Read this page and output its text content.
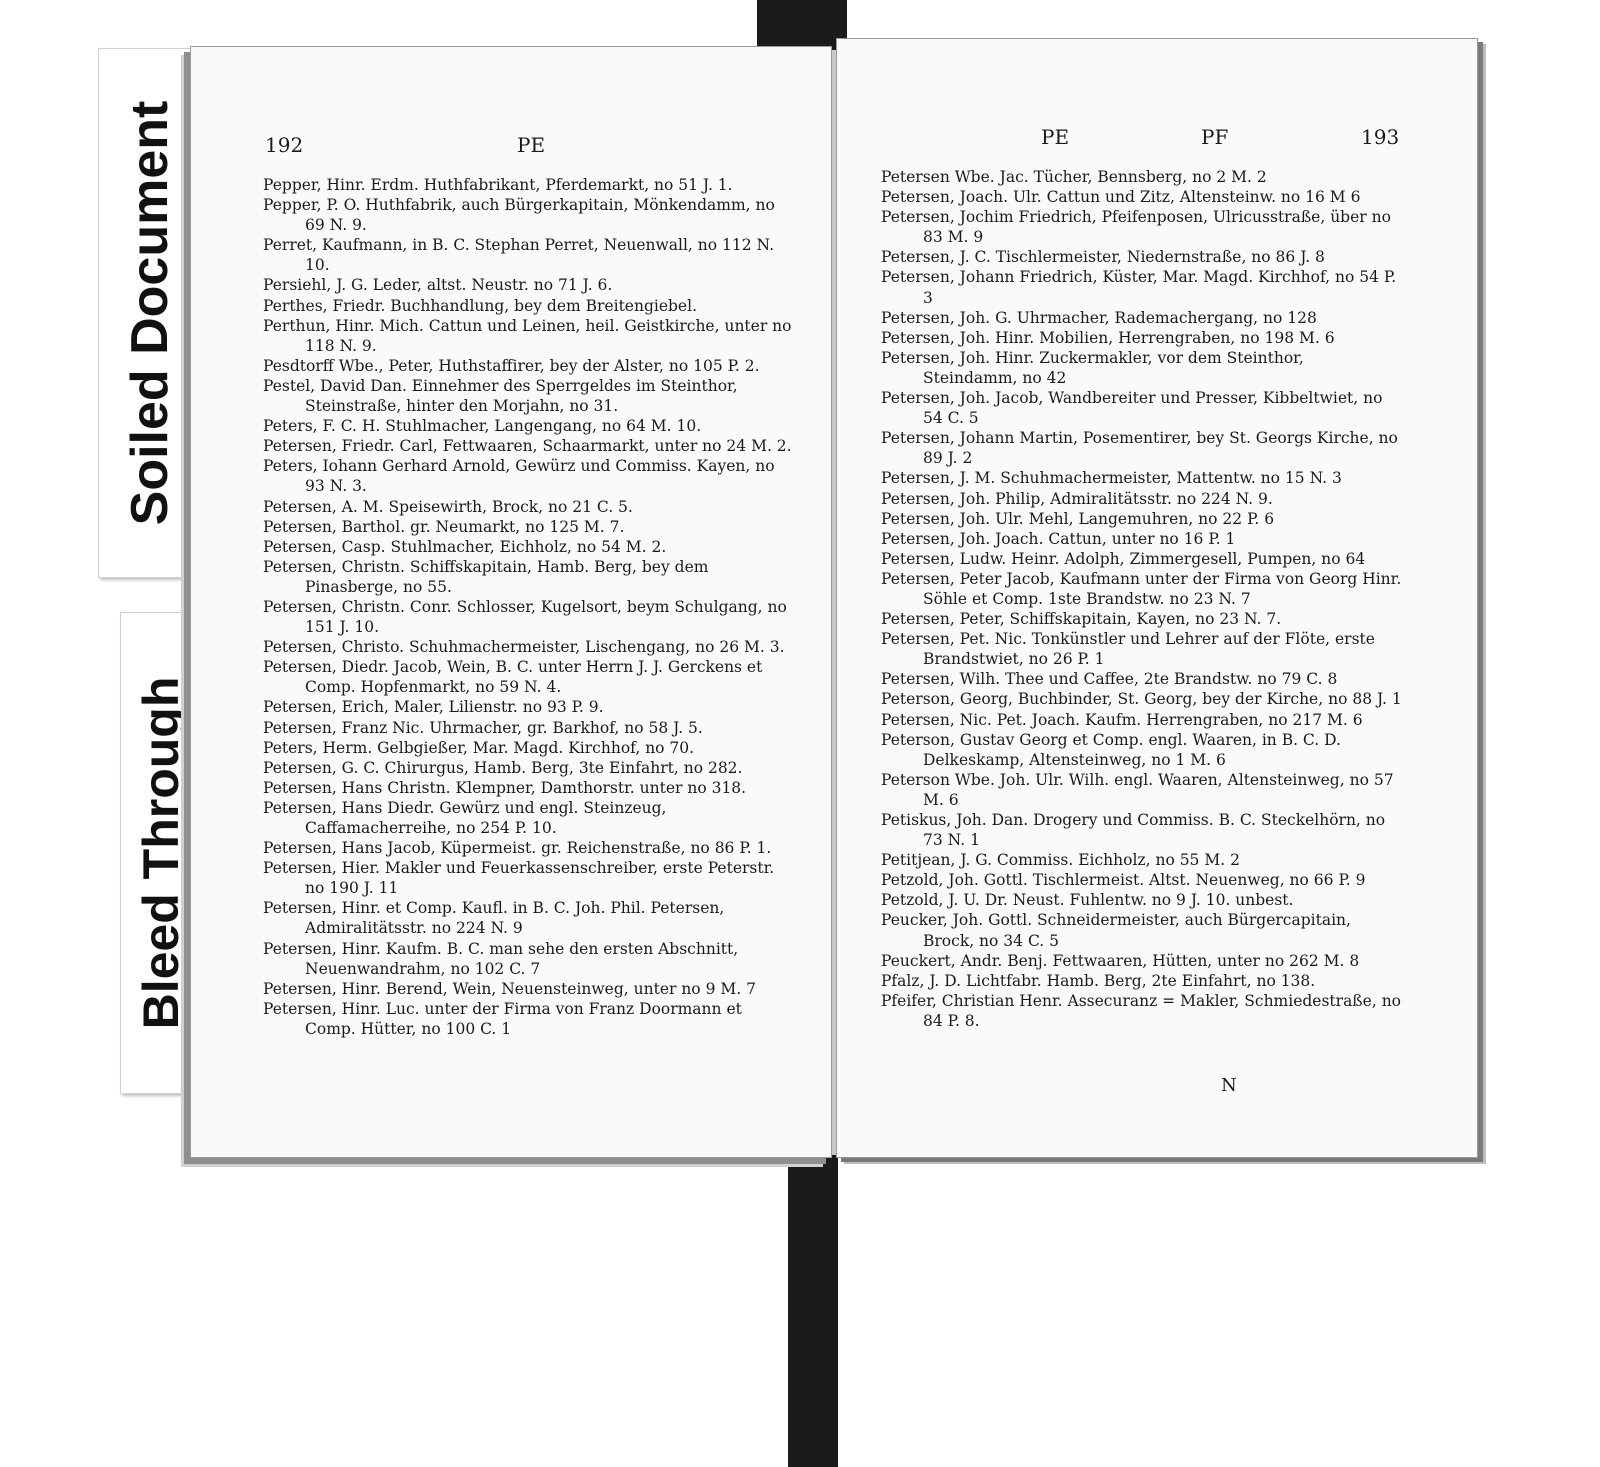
Soiled Document
Bleed Through
192	PE
Pepper, Hinr. Erdm. Huthfabrikant, Pferdemarkt, no 51 J. 1.
Pepper, P. O. Huthfabrik, auch Bürgerkapitain, Mönkendamm, no 69 N. 9.
Perret, Kaufmann, in B. C. Stephan Perret, Neuenwall, no 112 N. 10.
Persiehl, J. G. Leder, altst. Neustr. no 71 J. 6.
Perthes, Friedr. Buchhandlung, bey dem Breitengiebel.
Perthun, Hinr. Mich. Cattun und Leinen, heil. Geistkirche, unter no 118 N. 9.
Pesdtorff Wbe., Peter, Huthstaffirer, bey der Alster, no 105 P. 2.
Pestel, David Dan. Einnehmer des Sperrgeldes im Steinthor, Steinstraße, hinter den Morjahn, no 31.
Peters, F. C. H. Stuhlmacher, Langengang, no 64 M. 10.
Petersen, Friedr. Carl, Fettwaaren, Schaarmarkt, unter no 24 M. 2.
Peters, Iohann Gerhard Arnold, Gewürz und Commiss. Kayen, no 93 N. 3.
Petersen, A. M. Speisewirth, Brock, no 21 C. 5.
Petersen, Barthol. gr. Neumarkt, no 125 M. 7.
Petersen, Casp. Stuhlmacher, Eichholz, no 54 M. 2.
Petersen, Christn. Schiffskapitain, Hamb. Berg, bey dem Pinasberge, no 55.
Petersen, Christn. Conr. Schlosser, Kugelsort, beym Schulgang, no 151 J. 10.
Petersen, Christo. Schuhmachermeister, Lischengang, no 26 M. 3.
Petersen, Diedr. Jacob, Wein, B. C. unter Herrn J. J. Gerckens et Comp. Hopfenmarkt, no 59 N. 4.
Petersen, Erich, Maler, Lilienstr. no 93 P. 9.
Petersen, Franz Nic. Uhrmacher, gr. Barkhof, no 58 J. 5.
Peters, Herm. Gelbgießer, Mar. Magd. Kirchhof, no 70.
Petersen, G. C. Chirurgus, Hamb. Berg, 3te Einfahrt, no 282.
Petersen, Hans Christn. Klempner, Damthorstr. unter no 318.
Petersen, Hans Diedr. Gewürz und engl. Steinzeug, Caffamacherreihe, no 254 P. 10.
Petersen, Hans Jacob, Küpermeist. gr. Reichenstraße, no 86 P. 1.
Petersen, Hier. Makler und Feuerkassenschreiber, erste Peterstr. no 190 J. 11
Petersen, Hinr. et Comp. Kaufl. in B. C. Joh. Phil. Petersen, Admiralitätsstr. no 224 N. 9
Petersen, Hinr. Kaufm. B. C. man sehe den ersten Abschnitt, Neuenwandrahm, no 102 C. 7
Petersen, Hinr. Berend, Wein, Neuensteinweg, unter no 9 M. 7
Petersen, Hinr. Luc. unter der Firma von Franz Doormann et Comp. Hütter, no 100 C. 1
PE	PF	193
Petersen Wbe. Jac. Tücher, Bennsberg, no 2 M. 2
Petersen, Joach. Ulr. Cattun und Zitz, Altensteinw. no 16 M 6
Petersen, Jochim Friedrich, Pfeifenposen, Ulricusstraße, über no 83 M. 9
Petersen, J. C. Tischlermeister, Niedernstraße, no 86 J. 8
Petersen, Johann Friedrich, Küster, Mar. Magd. Kirchhof, no 54 P. 3
Petersen, Joh. G. Uhrmacher, Rademachergang, no 128
Petersen, Joh. Hinr. Mobilien, Herrengraben, no 198 M. 6
Petersen, Joh. Hinr. Zuckermakler, vor dem Steinthor, Steindamm, no 42
Petersen, Joh. Jacob, Wandbereiter und Presser, Kibbeltwiet, no 54 C. 5
Petersen, Johann Martin, Posementirer, bey St. Georgs Kirche, no 89 J. 2
Petersen, J. M. Schuhmachermeister, Mattentw. no 15 N. 3
Petersen, Joh. Philip, Admiralitätsstr. no 224 N. 9.
Petersen, Joh. Ulr. Mehl, Langemuhren, no 22 P. 6
Petersen, Joh. Joach. Cattun, unter no 16 P. 1
Petersen, Ludw. Heinr. Adolph, Zimmergesell, Pumpen, no 64
Petersen, Peter Jacob, Kaufmann unter der Firma von Georg Hinr. Söhle et Comp. 1ste Brandstw. no 23 N. 7
Petersen, Peter, Schiffskapitain, Kayen, no 23 N. 7.
Petersen, Pet. Nic. Tonkünstler und Lehrer auf der Flöte, erste Brandstwiet, no 26 P. 1
Petersen, Wilh. Thee und Caffee, 2te Brandstw. no 79 C. 8
Peterson, Georg, Buchbinder, St. Georg, bey der Kirche, no 88 J. 1
Petersen, Nic. Pet. Joach. Kaufm. Herrengraben, no 217 M. 6
Peterson, Gustav Georg et Comp. engl. Waaren, in B. C. D. Delkeskamp, Altensteinweg, no 1 M. 6
Peterson Wbe. Joh. Ulr. Wilh. engl. Waaren, Altensteinweg, no 57 M. 6
Petiskus, Joh. Dan. Drogery und Commiss. B. C. Steckelhörn, no 73 N. 1
Petitjean, J. G. Commiss. Eichholz, no 55 M. 2
Petzold, Joh. Gottl. Tischlermeist. Altst. Neuenweg, no 66 P. 9
Petzold, J. U. Dr. Neust. Fuhlentw. no 9 J. 10. unbest.
Peucker, Joh. Gottl. Schneidermeister, auch Bürgercapitain, Brock, no 34 C. 5
Peuckert, Andr. Benj. Fettwaaren, Hütten, unter no 262 M. 8
Pfalz, J. D. Lichtfabr. Hamb. Berg, 2te Einfahrt, no 138.
Pfeifer, Christian Henr. Assecuranz = Makler, Schmiedestraße, no 84 P. 8.
N
